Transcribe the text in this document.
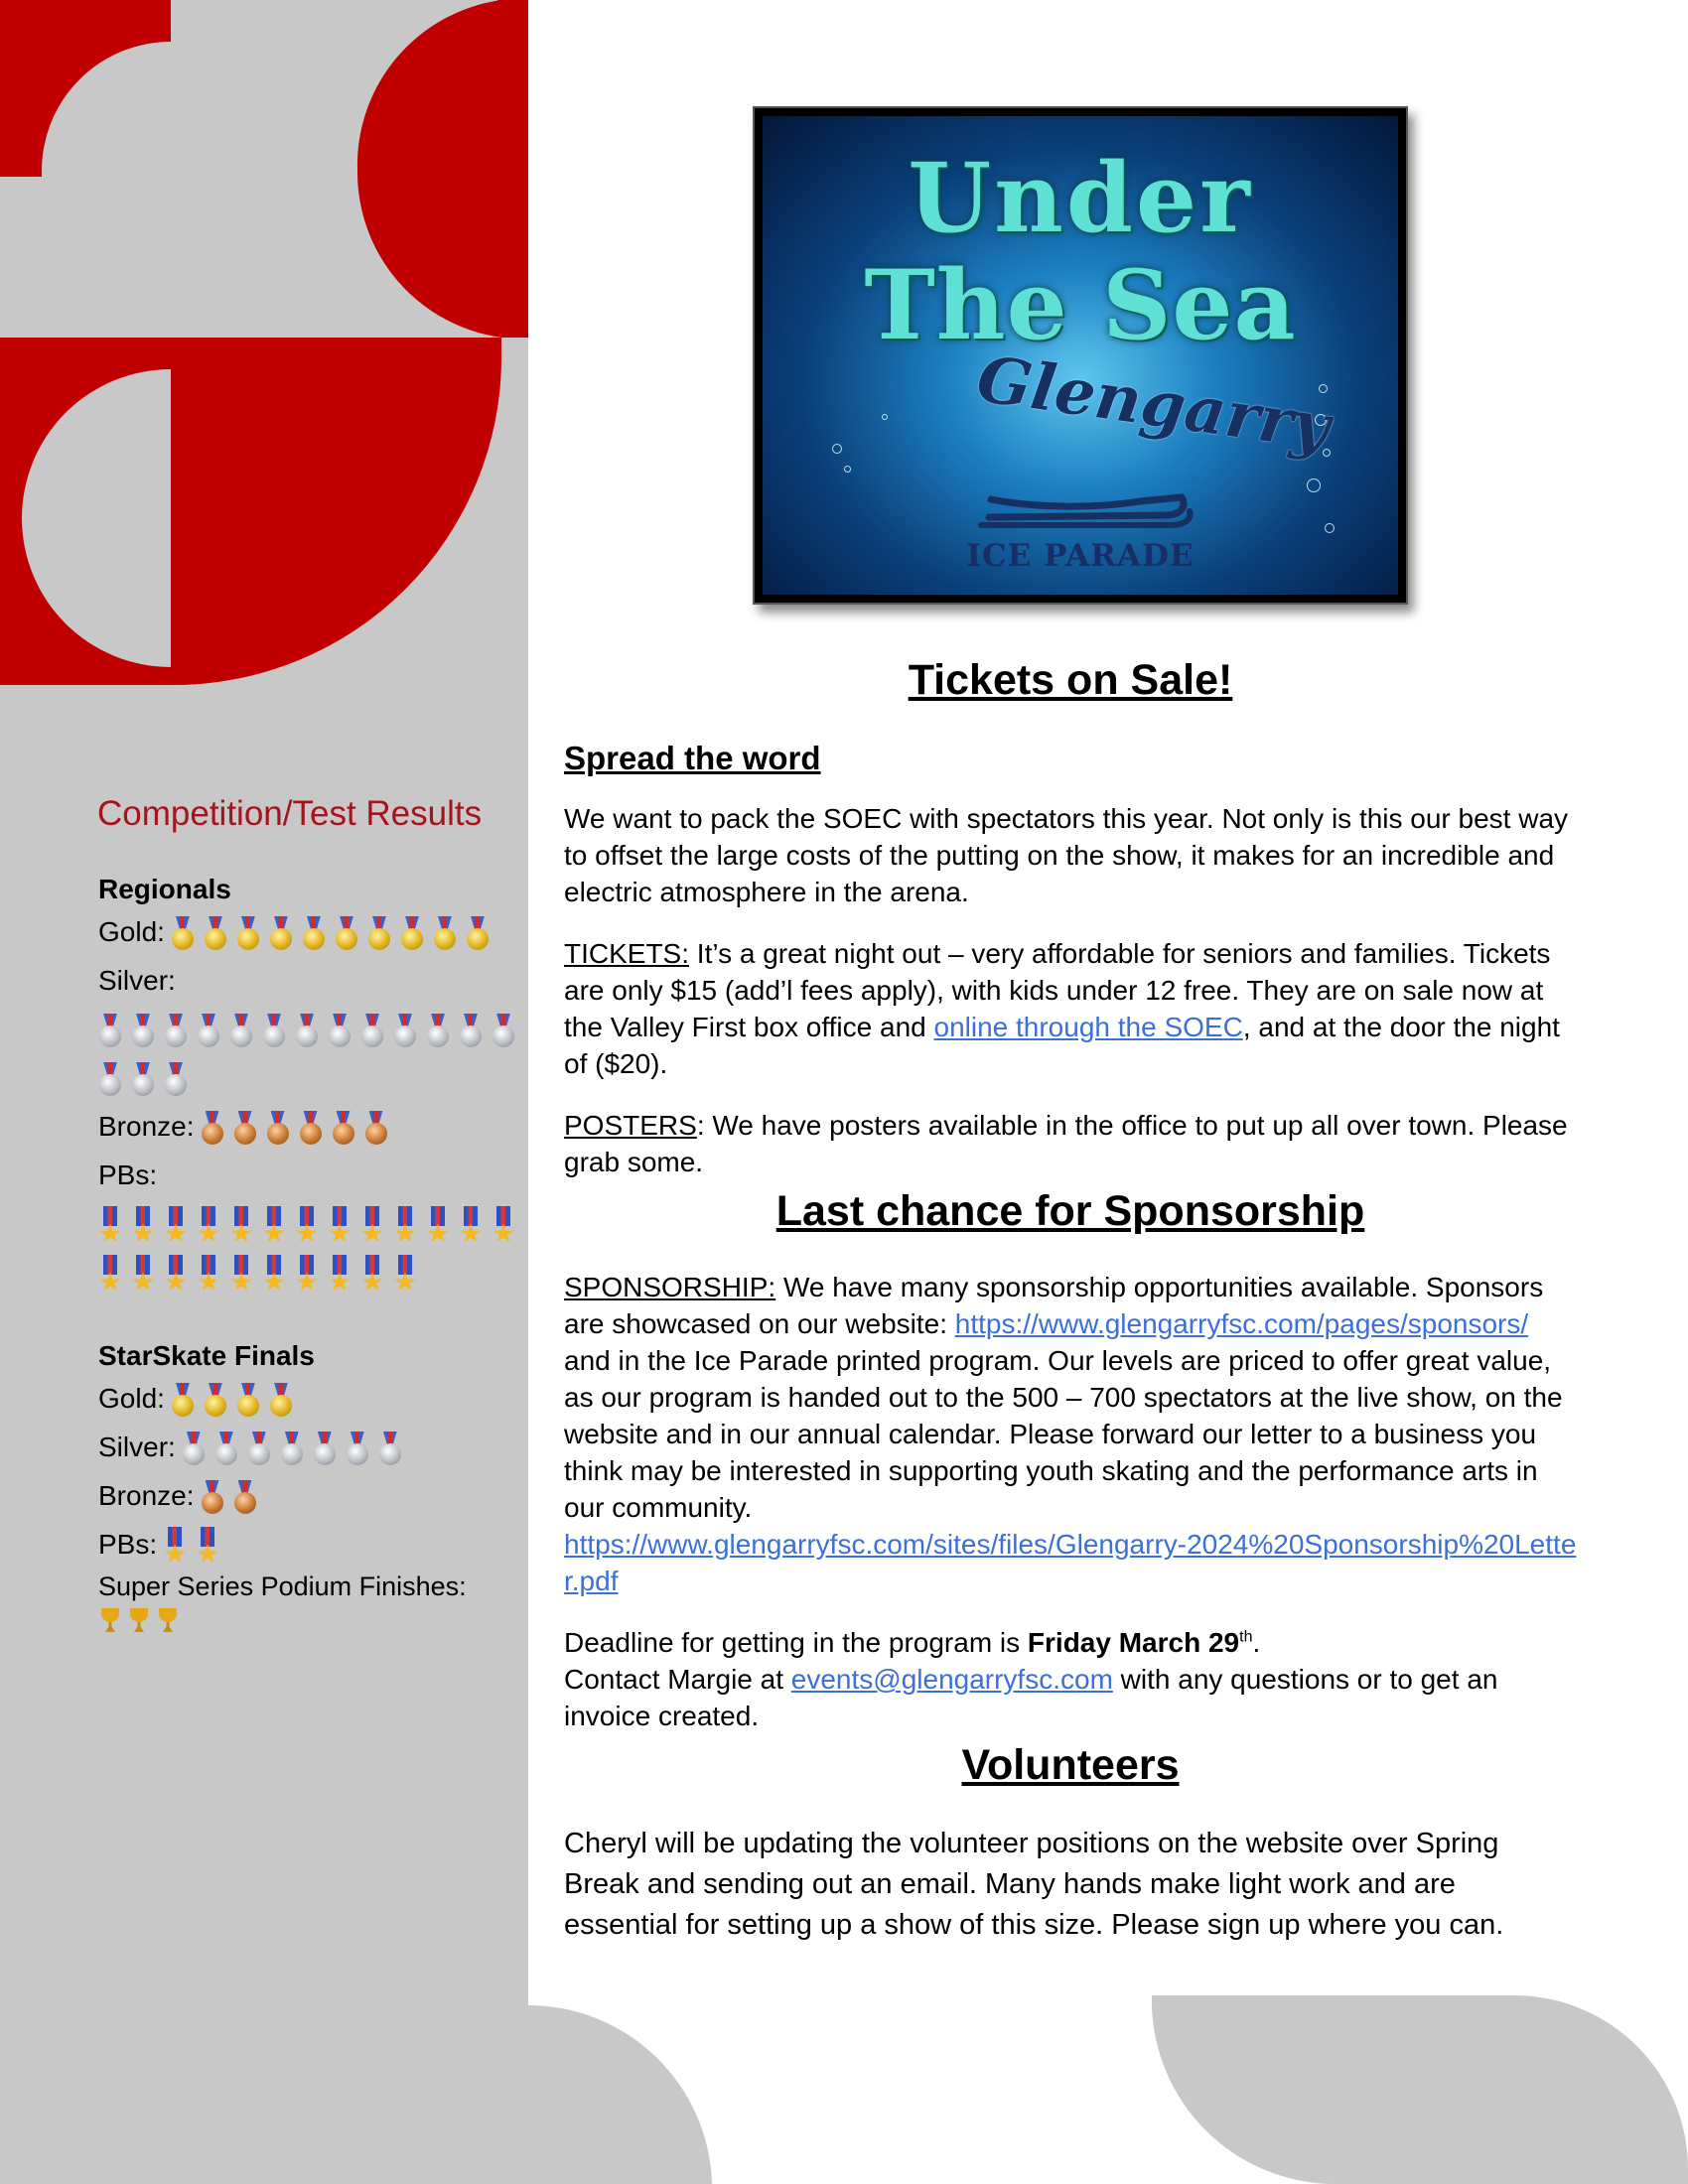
Competition/Test Results
Regionals
Gold:
Silver:
Bronze:
PBs:
StarSkate Finals
Gold:
Silver:
Bronze:
PBs:
Super Series Podium Finishes:
Under
The Sea
Glengarry
ICE PARADE
Tickets on Sale!
Spread the word

We want to pack the SOEC with spectators this year. Not only is this our best way to offset the large costs of the putting on the show, it makes for an incredible and electric atmosphere in the arena.

TICKETS: It’s a great night out – very affordable for seniors and families. Tickets are only $15 (add’l fees apply), with kids under 12 free. They are on sale now at the Valley First box office and online through the SOEC, and at the door the night of ($20).

POSTERS: We have posters available in the office to put up all over town. Please grab some.

Last chance for Sponsorship

SPONSORSHIP: We have many sponsorship opportunities available. Sponsors are showcased on our website: https://www.glengarryfsc.com/pages/sponsors/ and in the Ice Parade printed program. Our levels are priced to offer great value, as our program is handed out to the 500 – 700 spectators at the live show, on the website and in our annual calendar. Please forward our letter to a business you think may be interested in supporting youth skating and the performance arts in our community.
https://www.glengarryfsc.com/sites/files/Glengarry-2024%20Sponsorship%20Letter.pdf

Deadline for getting in the program is Friday March 29th.
Contact Margie at events@glengarryfsc.com with any questions or to get an invoice created.

Volunteers

Cheryl will be updating the volunteer positions on the website over Spring Break and sending out an email. Many hands make light work and are essential for setting up a show of this size. Please sign up where you can.
